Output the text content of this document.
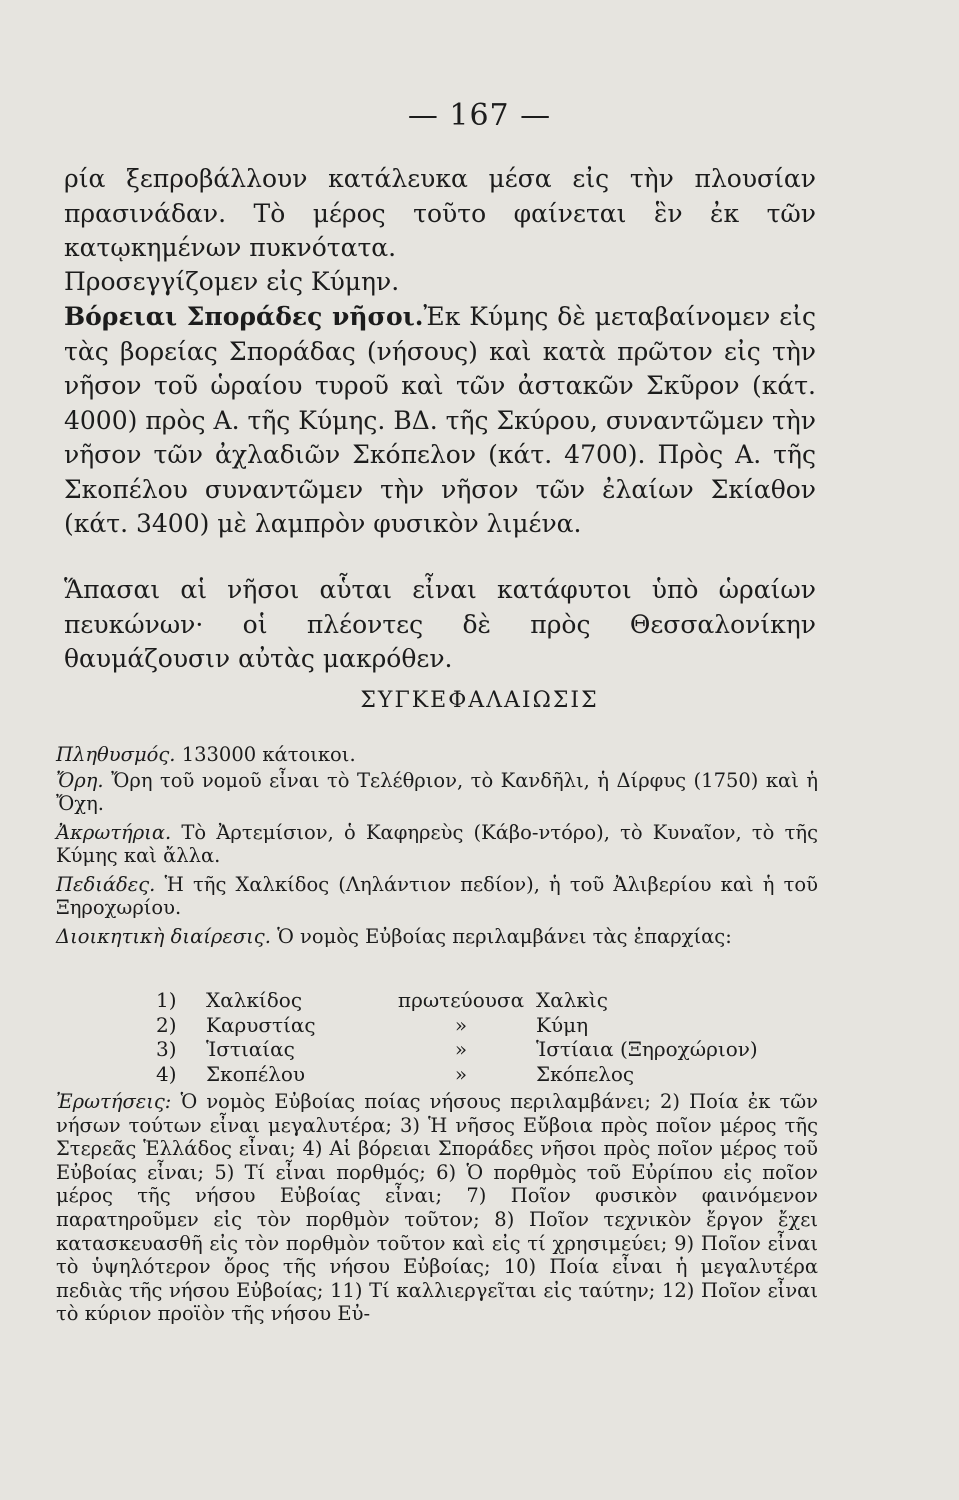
— 167 —

ρία ξεπροβάλλουν κατάλευκα μέσα εἰς τὴν πλουσίαν πρασινάδαν. Τὸ μέρος τοῦτο φαίνεται ἓν ἐκ τῶν κατῳκημένων πυκνότατα.

Προσεγγίζομεν εἰς Κύμην.

Βόρειαι Σποράδες νῆσοι.Ἐκ Κύμης δὲ μεταβαίνομεν εἰς τὰς βορείας Σποράδας (νήσους) καὶ κατὰ πρῶτον εἰς τὴν νῆσον τοῦ ὡραίου τυροῦ καὶ τῶν ἀστακῶν Σκῦρον (κάτ. 4000) πρὸς Α. τῆς Κύμης. ΒΔ. τῆς Σκύρου, συναντῶμεν τὴν νῆσον τῶν ἀχλαδιῶν Σκόπελον (κάτ. 4700). Πρὸς Α. τῆς Σκοπέλου συναντῶμεν τὴν νῆσον τῶν ἐλαίων Σκίαθον (κάτ. 3400) μὲ λαμπρὸν φυσικὸν λιμένα.

Ἅπασαι αἱ νῆσοι αὗται εἶναι κατάφυτοι ὑπὸ ὡραίων πευκώνων· οἱ πλέοντες δὲ πρὸς Θεσσαλονίκην θαυμάζουσιν αὐτὰς μακρόθεν.

ΣΥΓΚΕΦΑΛΑΙΩΣΙΣ

Πληθυσμός. 133000 κάτοικοι.

Ὄρη. Ὄρη τοῦ νομοῦ εἶναι τὸ Τελέθριον, τὸ Κανδῆλι, ἡ Δίρφυς (1750) καὶ ἡ Ὄχη.

Ἀκρωτήρια. Τὸ Ἀρτεμίσιον, ὁ Καφηρεὺς (Κάβο-ντόρο), τὸ Κυναῖον, τὸ τῆς Κύμης καὶ ἄλλα.

Πεδιάδες. Ἡ τῆς Χαλκίδος (Ληλάντιον πεδίον), ἡ τοῦ Ἀλιβερίου καὶ ἡ τοῦ Ξηροχωρίου.

Διοικητικὴ διαίρεσις. Ὁ νομὸς Εὐβοίας περιλαμβάνει τὰς ἐπαρχίας:

1)	Χαλκίδος	πρωτεύουσα	Χαλκὶς
2)	Καρυστίας	»	Κύμη
3)	Ἱστιαίας	»	Ἱστίαια (Ξηροχώριον)
4)	Σκοπέλου	»	Σκόπελος

Ἐρωτήσεις: Ὁ νομὸς Εὐβοίας ποίας νήσους περιλαμβάνει; 2) Ποία ἐκ τῶν νήσων τούτων εἶναι μεγαλυτέρα; 3) Ἡ νῆσος Εὔβοια πρὸς ποῖον μέρος τῆς Στερεᾶς Ἑλλάδος εἶναι; 4) Αἱ βόρειαι Σποράδες νῆσοι πρὸς ποῖον μέρος τοῦ Εὐβοίας εἶναι; 5) Τί εἶναι πορθμός; 6) Ὁ πορθμὸς τοῦ Εὐρίπου εἰς ποῖον μέρος τῆς νήσου Εὐβοίας εἶναι; 7) Ποῖον φυσικὸν φαινόμενον παρατηροῦμεν εἰς τὸν πορθμὸν τοῦτον; 8) Ποῖον τεχνικὸν ἔργον ἔχει κατασκευασθῆ εἰς τὸν πορθμὸν τοῦτον καὶ εἰς τί χρησιμεύει; 9) Ποῖον εἶναι τὸ ὑψηλότερον ὄρος τῆς νήσου Εὐβοίας; 10) Ποία εἶναι ἡ μεγαλυτέρα πεδιὰς τῆς νήσου Εὐβοίας; 11) Τί καλλιεργεῖται εἰς ταύτην; 12) Ποῖον εἶναι τὸ κύριον προϊὸν τῆς νήσου Εὐ-
